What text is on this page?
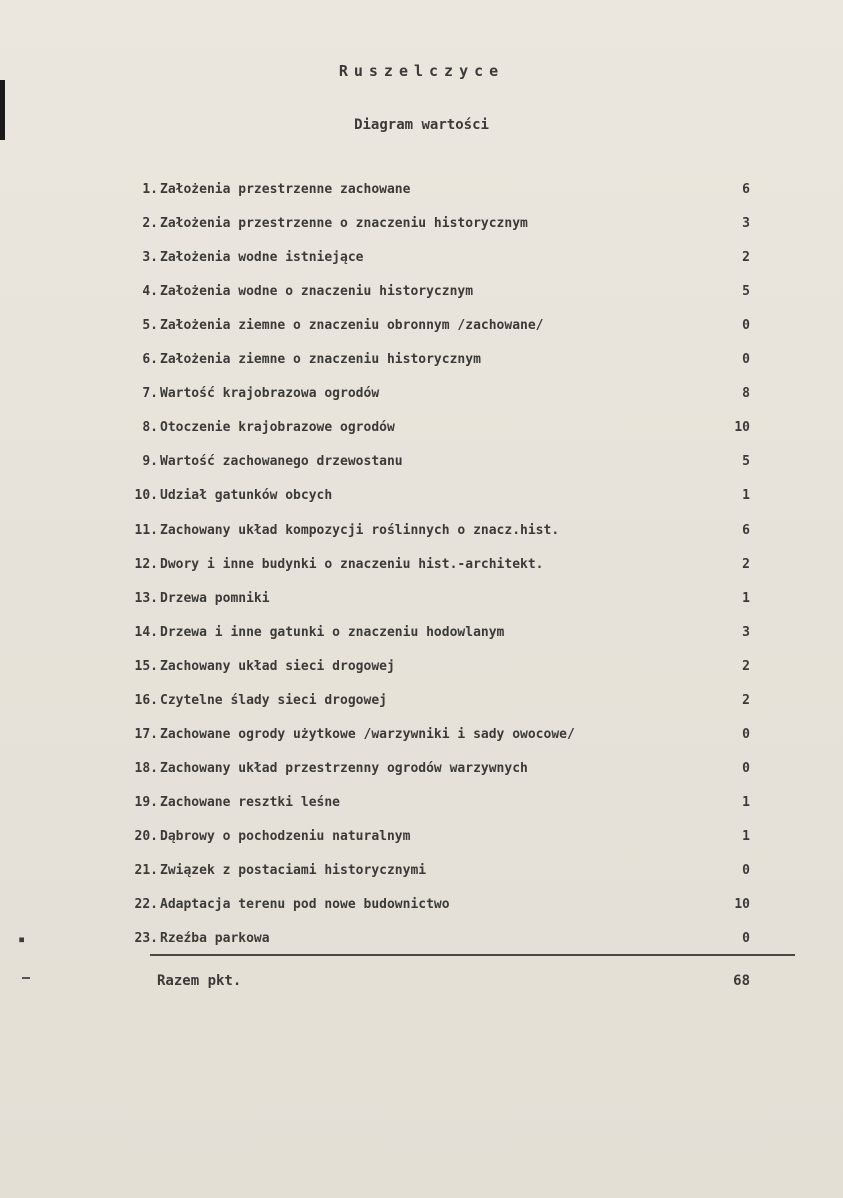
Ruszelczyce
Diagram wartości
1. Założenia przestrzenne zachowane	6
2. Założenia przestrzenne o znaczeniu historycznym	3
3. Założenia wodne istniejące	2
4. Założenia wodne o znaczeniu historycznym	5
5. Założenia ziemne o znaczeniu obronnym /zachowane/	0
6. Założenia ziemne o znaczeniu historycznym	0
7. Wartość krajobrazowa ogrodów	8
8. Otoczenie krajobrazowe ogrodów	10
9. Wartość zachowanego drzewostanu	5
10. Udział gatunków obcych	1
11. Zachowany układ kompozycji roślinnych o znacz.hist.	6
12. Dwory i inne budynki o znaczeniu hist.-architekt.	2
13. Drzewa pomniki	1
14. Drzewa i inne gatunki o znaczeniu hodowlanym	3
15. Zachowany układ sieci drogowej	2
16. Czytelne ślady sieci drogowej	2
17. Zachowane ogrody użytkowe /warzywniki i sady owocowe/	0
18. Zachowany układ przestrzenny ogrodów warzywnych	0
19. Zachowane resztki leśne	1
20. Dąbrowy o pochodzeniu naturalnym	1
21. Związek z postaciami historycznymi	0
22. Adaptacja terenu pod nowe budownictwo	10
23. Rzeźba parkowa	0
Razem pkt.	68
▪
